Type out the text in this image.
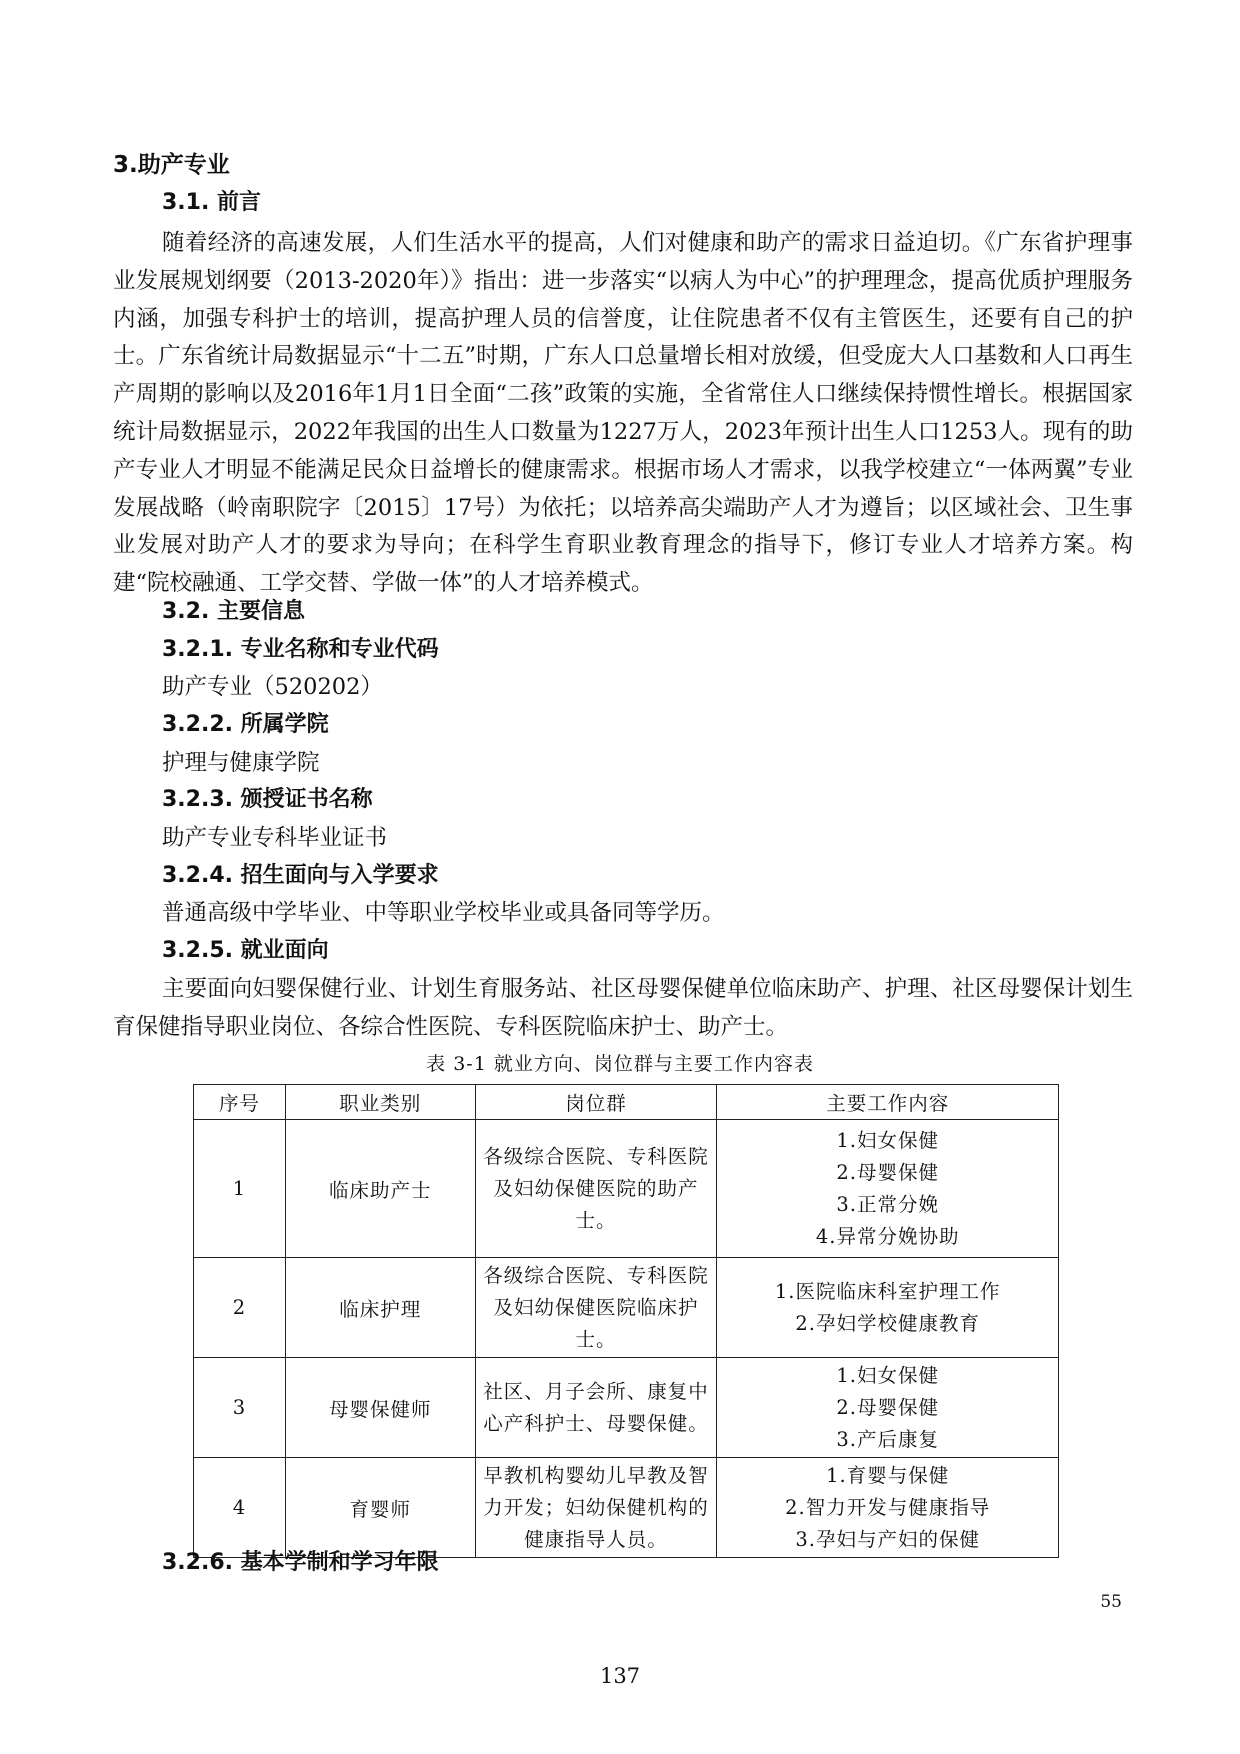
3.助产专业
3.1. 前言

随着经济的高速发展，人们生活水平的提高，人们对健康和助产的需求日益迫切。《广东省护理事业发展规划纲要（2013-2020年）》指出：进一步落实“以病人为中心”的护理理念，提高优质护理服务内涵，加强专科护士的培训，提高护理人员的信誉度，让住院患者不仅有主管医生，还要有自己的护士。广东省统计局数据显示“十二五”时期，广东人口总量增长相对放缓，但受庞大人口基数和人口再生产周期的影响以及2016年1月1日全面“二孩”政策的实施，全省常住人口继续保持惯性增长。根据国家统计局数据显示，2022年我国的出生人口数量为1227万人，2023年预计出生人口1253人。现有的助产专业人才明显不能满足民众日益增长的健康需求。根据市场人才需求，以我学校建立“一体两翼”专业发展战略（岭南职院字〔2015〕17号）为依托；以培养高尖端助产人才为遵旨；以区域社会、卫生事业发展对助产人才的要求为导向；在科学生育职业教育理念的指导下，修订专业人才培养方案。构建“院校融通、工学交替、学做一体”的人才培养模式。

3.2. 主要信息
3.2.1. 专业名称和专业代码
助产专业（520202）
3.2.2. 所属学院
护理与健康学院
3.2.3. 颁授证书名称
助产专业专科毕业证书
3.2.4. 招生面向与入学要求
普通高级中学毕业、中等职业学校毕业或具备同等学历。
3.2.5. 就业面向

主要面向妇婴保健行业、计划生育服务站、社区母婴保健单位临床助产、护理、社区母婴保计划生育保健指导职业岗位、各综合性医院、专科医院临床护士、助产士。

表 3-1 就业方向、岗位群与主要工作内容表
序号	职业类别	岗位群	主要工作内容
1	临床助产士	各级综合医院、专科医院及妇幼保健医院的助产士。	1.妇女保健
2.母婴保健
3.正常分娩
4.异常分娩协助

2	临床护理	各级综合医院、专科医院及妇幼保健医院临床护士。	1.医院临床科室护理工作
2.孕妇学校健康教育

3	母婴保健师	社区、月子会所、康复中心产科护士、母婴保健。	1.妇女保健
2.母婴保健
3.产后康复

4	育婴师	早教机构婴幼儿早教及智力开发；妇幼保健机构的健康指导人员。	1.育婴与保健
2.智力开发与健康指导
3.孕妇与产妇的保健
3.2.6. 基本学制和学习年限
55
137
